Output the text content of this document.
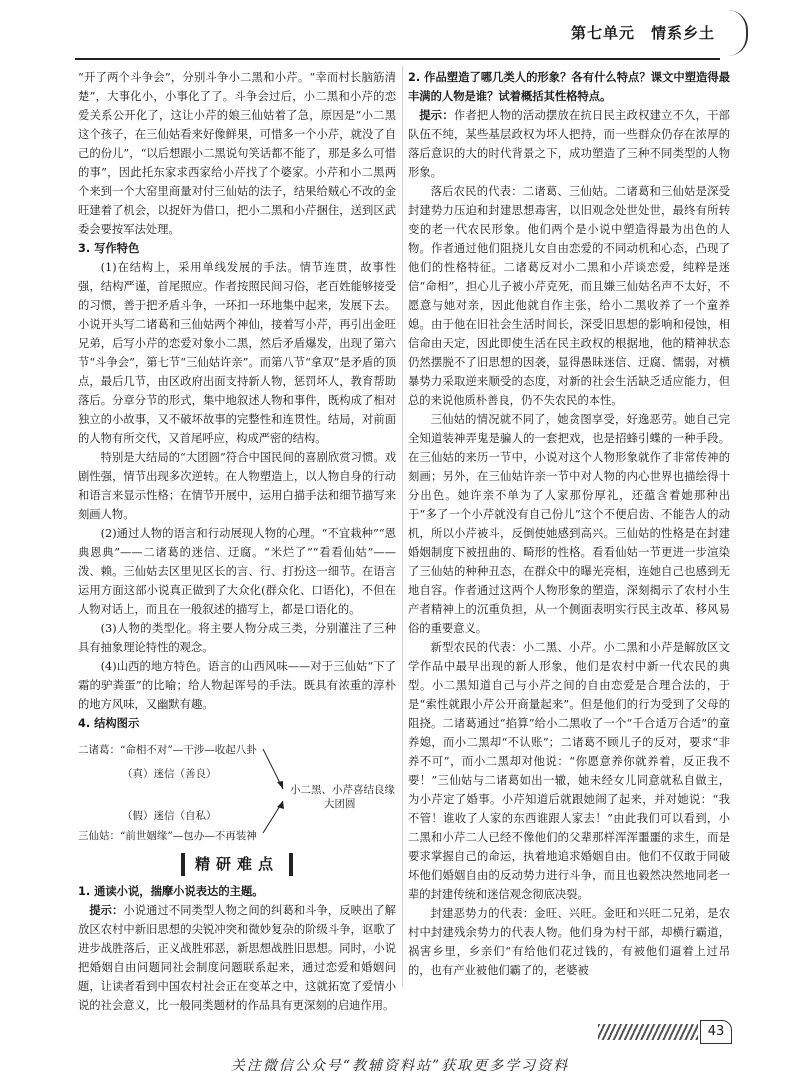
第七单元　情系乡土

“开了两个斗争会”，分别斗争小二黑和小芹。“幸而村长脑筋清楚”，大事化小，小事化了了。斗争会过后，小二黑和小芹的恋爱关系公开化了，这让小芹的娘三仙姑着了急，原因是“小二黑这个孩子，在三仙姑看来好像鲜果，可惜多一个小芹，就没了自己的份儿”，“以后想跟小二黑说句笑话都不能了，那是多么可惜的事”，因此托东家求西家给小芹找了个婆家。小芹和小二黑两个来到一个大窑里商量对付三仙姑的法子，结果给贼心不改的金旺建着了机会，以捉奸为借口，把小二黑和小芹捆住，送到区武委会要按军法处理。

3. 写作特色

(1)在结构上，采用单线发展的手法。情节连贯，故事性强，结构严谨，首尾照应。作者按照民间习俗，老百姓能够接受的习惯，善于把矛盾斗争，一环扣一环地集中起来，发展下去。小说开头写二诸葛和三仙姑两个神仙，接着写小芹，再引出金旺兄弟，后写小芹的恋爱对象小二黑，然后矛盾爆发，出现了第六节“斗争会”，第七节“三仙姑许亲”。而第八节“拿双”是矛盾的顶点，最后几节，由区政府出面支持新人物，惩罚坏人，教育帮助落后。分章分节的形式，集中地叙述人物和事件，既构成了相对独立的小故事，又不破坏故事的完整性和连贯性。结局，对前面的人物有所交代，又首尾呼应，构成严密的结构。

特别是大结局的“大团圆”符合中国民间的喜剧欣赏习惯。戏剧性强，情节出现多次逆转。在人物塑造上，以人物自身的行动和语言来显示性格；在情节开展中，运用白描手法和细节描写来刻画人物。

(2)通过人物的语言和行动展现人物的心理。“不宜栽种”“恩典恩典”——二诸葛的迷信、迂腐。“米烂了”“看看仙姑”——泼、赖。三仙姑去区里见区长的言、行、打扮这一细节。在语言运用方面这部小说真正做到了大众化(群众化、口语化)，不但在人物对话上，而且在一般叙述的描写上，都是口语化的。

(3)人物的类型化。将主要人物分成三类，分别灌注了三种具有抽象理论特性的观念。

(4)山西的地方特色。语言的山西风味——对于三仙姑“下了霜的驴粪蛋”的比喻；给人物起诨号的手法。既具有浓重的淳朴的地方风味，又幽默有趣。

4. 结构图示

二诸葛：“命相不对”—干涉—收起八卦
（真）迷信（善良）
小二黑、小芹喜结良缘
大团圆
（假）迷信（自私）
三仙姑：“前世姻缘”—包办—不再装神
精研难点

1. 通读小说，揣摩小说表达的主题。

提示：小说通过不同类型人物之间的纠葛和斗争，反映出了解放区农村中新旧思想的尖锐冲突和微妙复杂的阶级斗争，讴歌了进步战胜落后，正义战胜邪恶，新思想战胜旧思想。同时，小说把婚姻自由问题同社会制度问题联系起来，通过恋爱和婚姻问题，让读者看到中国农村社会正在变革之中，这就拓宽了爱情小说的社会意义，比一般同类题材的作品具有更深刻的启迪作用。

2. 作品塑造了哪几类人的形象？各有什么特点？课文中塑造得最丰满的人物是谁？试着概括其性格特点。

提示：作者把人物的活动摆放在抗日民主政权建立不久，干部队伍不纯，某些基层政权为坏人把持，而一些群众仍存在浓厚的落后意识的大的时代背景之下，成功塑造了三种不同类型的人物形象。

落后农民的代表：二诸葛、三仙姑。二诸葛和三仙姑是深受封建势力压迫和封建思想毒害，以旧观念处世处世，最终有所转变的老一代农民形象。他们两个是小说中塑造得最为出色的人物。作者通过他们阻挠儿女自由恋爱的不同动机和心态，凸现了他们的性格特征。二诸葛反对小二黑和小芹谈恋爱，纯粹是迷信“命相”，担心儿子被小芹克死，而且嫌三仙姑名声不太好，不愿意与她对亲，因此他就自作主张，给小二黑收养了一个童养媳。由于他在旧社会生活时间长，深受旧思想的影响和侵蚀，相信命由天定，因此即使生活在民主政权的根据地，他的精神状态仍然摆脱不了旧思想的因袭，显得愚昧迷信、迂腐、懦弱，对横暴势力采取逆来顺受的态度，对新的社会生活缺乏适应能力，但总的来说他质朴善良，仍不失农民的本性。

三仙姑的情况就不同了，她贪图享受，好逸恶劳。她自己完全知道装神弄鬼是骗人的一套把戏，也是招蜂引蝶的一种手段。在三仙姑的来历一节中，小说对这个人物形象就作了非常传神的刻画；另外，在三仙姑许亲一节中对人物的内心世界也描绘得十分出色。她许亲不单为了人家那份厚礼，还蕴含着她那种出于“多了一个小芹就没有自己份儿”这个不便启齿、不能告人的动机，所以小芹被斗，反倒使她感到高兴。三仙姑的性格是在封建婚姻制度下被扭曲的、畸形的性格。看看仙姑一节更进一步渲染了三仙姑的种种丑态，在群众中的曝光亮相，连她自己也感到无地自容。作者通过这两个人物形象的塑造，深刻揭示了农村小生产者精神上的沉重负担，从一个侧面表明实行民主改革、移风易俗的重要意义。

新型农民的代表：小二黑、小芹。小二黑和小芹是解放区文学作品中最早出现的新人形象，他们是农村中新一代农民的典型。小二黑知道自己与小芹之间的自由恋爱是合理合法的，于是“索性就跟小芹公开商量起来”。但是他们的行为受到了父母的阻挠。二诸葛通过“掐算”给小二黑收了一个“千合适万合适”的童养媳，而小二黑却“不认账”；二诸葛不顾儿子的反对，要求“非养不可”，而小二黑却对他说：“你愿意养你就养着，反正我不要！”三仙姑与二诸葛如出一辙，她未经女儿同意就私自做主，为小芹定了婚事。小芹知道后就跟她闹了起来，并对她说：“我不管！谁收了人家的东西谁跟人家去！”由此我们可以看到，小二黑和小芹二人已经不像他们的父辈那样浑浑噩噩的求生，而是要求掌握自己的命运，执着地追求婚姻自由。他们不仅敢于同破坏他们婚姻自由的反动势力进行斗争，而且也毅然决然地同老一辈的封建传统和迷信观念彻底决裂。

封建恶势力的代表：金旺、兴旺。金旺和兴旺二兄弟，是农村中封建残余势力的代表人物。他们身为村干部，却横行霸道，祸害乡里，乡亲们“有给他们花过钱的，有被他们逼着上过吊的，也有产业被他们霸了的，老婆被

43
关注微信公众号“教辅资料站”获取更多学习资料
